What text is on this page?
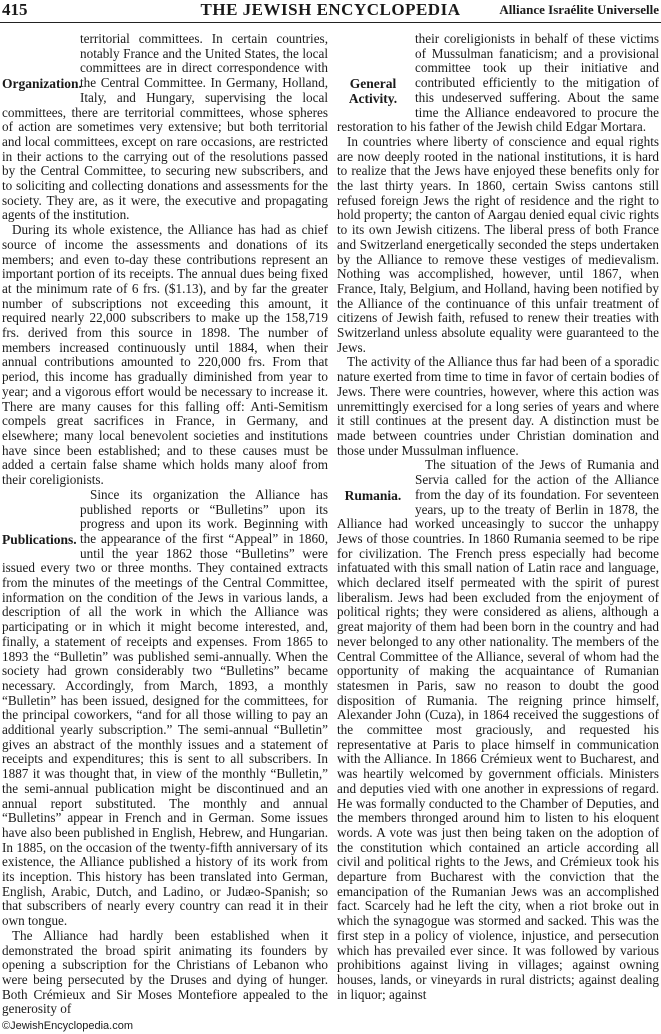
415	THE JEWISH ENCYCLOPEDIA	Alliance Israélite Universelle
Organization.

territorial committees. In certain countries, notably France and the United States, the local committees are in direct correspondence with the Central Committee. In Germany, Holland, Italy, and Hungary, supervising the local committees, there are territorial committees, whose spheres of action are sometimes very extensive; but both territorial and local committees, except on rare occasions, are restricted in their actions to the carrying out of the resolutions passed by the Central Committee, to securing new subscribers, and to soliciting and collecting donations and assessments for the society. They are, as it were, the executive and propagating agents of the institution.

During its whole existence, the Alliance has had as chief source of income the assessments and donations of its members; and even to-day these contributions represent an important portion of its receipts. The annual dues being fixed at the minimum rate of 6 frs. ($1.13), and by far the greater number of subscriptions not exceeding this amount, it required nearly 22,000 subscribers to make up the 158,719 frs. derived from this source in 1898. The number of members increased continuously until 1884, when their annual contributions amounted to 220,000 frs. From that period, this income has gradually diminished from year to year; and a vigorous effort would be necessary to increase it. There are many causes for this falling off: Anti-Semitism compels great sacrifices in France, in Germany, and elsewhere; many local benevolent societies and institutions have since been established; and to these causes must be added a certain false shame which holds many aloof from their coreligionists.

Publications.

Since its organization the Alliance has published reports or “Bulletins” upon its progress and upon its work. Beginning with the appearance of the first “Appeal” in 1860, until the year 1862 those “Bulletins” were issued every two or three months. They contained extracts from the minutes of the meetings of the Central Committee, information on the condition of the Jews in various lands, a description of all the work in which the Alliance was participating or in which it might become interested, and, finally, a statement of receipts and expenses. From 1865 to 1893 the “Bulletin” was published semi-annually. When the society had grown considerably two “Bulletins” became necessary. Accordingly, from March, 1893, a monthly “Bulletin” has been issued, designed for the committees, for the principal coworkers, “and for all those willing to pay an additional yearly subscription.” The semi-annual “Bulletin” gives an abstract of the monthly issues and a statement of receipts and expenditures; this is sent to all subscribers. In 1887 it was thought that, in view of the monthly “Bulletin,” the semi-annual publication might be discontinued and an annual report substituted. The monthly and annual “Bulletins” appear in French and in German. Some issues have also been published in English, Hebrew, and Hungarian. In 1885, on the occasion of the twenty-fifth anniversary of its existence, the Alliance published a history of its work from its inception. This history has been translated into German, English, Arabic, Dutch, and Ladino, or Judæo-Spanish; so that subscribers of nearly every country can read it in their own tongue.

The Alliance had hardly been established when it demonstrated the broad spirit animating its founders by opening a subscription for the Christians of Lebanon who were being persecuted by the Druses and dying of hunger. Both Crémieux and Sir Moses Montefiore appealed to the generosity of

General Activity.

their coreligionists in behalf of these victims of Mussulman fanaticism; and a provisional committee took up their initiative and contributed efficiently to the mitigation of this undeserved suffering. About the same time the Alliance endeavored to procure the restoration to his father of the Jewish child Edgar Mortara.

In countries where liberty of conscience and equal rights are now deeply rooted in the national institutions, it is hard to realize that the Jews have enjoyed these benefits only for the last thirty years. In 1860, certain Swiss cantons still refused foreign Jews the right of residence and the right to hold property; the canton of Aargau denied equal civic rights to its own Jewish citizens. The liberal press of both France and Switzerland energetically seconded the steps undertaken by the Alliance to remove these vestiges of medievalism. Nothing was accomplished, however, until 1867, when France, Italy, Belgium, and Holland, having been notified by the Alliance of the continuance of this unfair treatment of citizens of Jewish faith, refused to renew their treaties with Switzerland unless absolute equality were guaranteed to the Jews.

The activity of the Alliance thus far had been of a sporadic nature exerted from time to time in favor of certain bodies of Jews. There were countries, however, where this action was unremittingly exercised for a long series of years and where it still continues at the present day. A distinction must be made between countries under Christian domination and those under Mussulman influence.

Rumania.

The situation of the Jews of Rumania and Servia called for the action of the Alliance from the day of its foundation. For seventeen years, up to the treaty of Berlin in 1878, the Alliance had worked unceasingly to succor the unhappy Jews of those countries. In 1860 Rumania seemed to be ripe for civilization. The French press especially had become infatuated with this small nation of Latin race and language, which declared itself permeated with the spirit of purest liberalism. Jews had been excluded from the enjoyment of political rights; they were considered as aliens, although a great majority of them had been born in the country and had never belonged to any other nationality. The members of the Central Committee of the Alliance, several of whom had the opportunity of making the acquaintance of Rumanian statesmen in Paris, saw no reason to doubt the good disposition of Rumania. The reigning prince himself, Alexander John (Cuza), in 1864 received the suggestions of the committee most graciously, and requested his representative at Paris to place himself in communication with the Alliance. In 1866 Crémieux went to Bucharest, and was heartily welcomed by government officials. Ministers and deputies vied with one another in expressions of regard. He was formally conducted to the Chamber of Deputies, and the members thronged around him to listen to his eloquent words. A vote was just then being taken on the adoption of the constitution which contained an article according all civil and political rights to the Jews, and Crémieux took his departure from Bucharest with the conviction that the emancipation of the Rumanian Jews was an accomplished fact. Scarcely had he left the city, when a riot broke out in which the synagogue was stormed and sacked. This was the first step in a policy of violence, injustice, and persecution which has prevailed ever since. It was followed by various prohibitions against living in villages; against owning houses, lands, or vineyards in rural districts; against dealing in liquor; against

©JewishEncyclopedia.com
